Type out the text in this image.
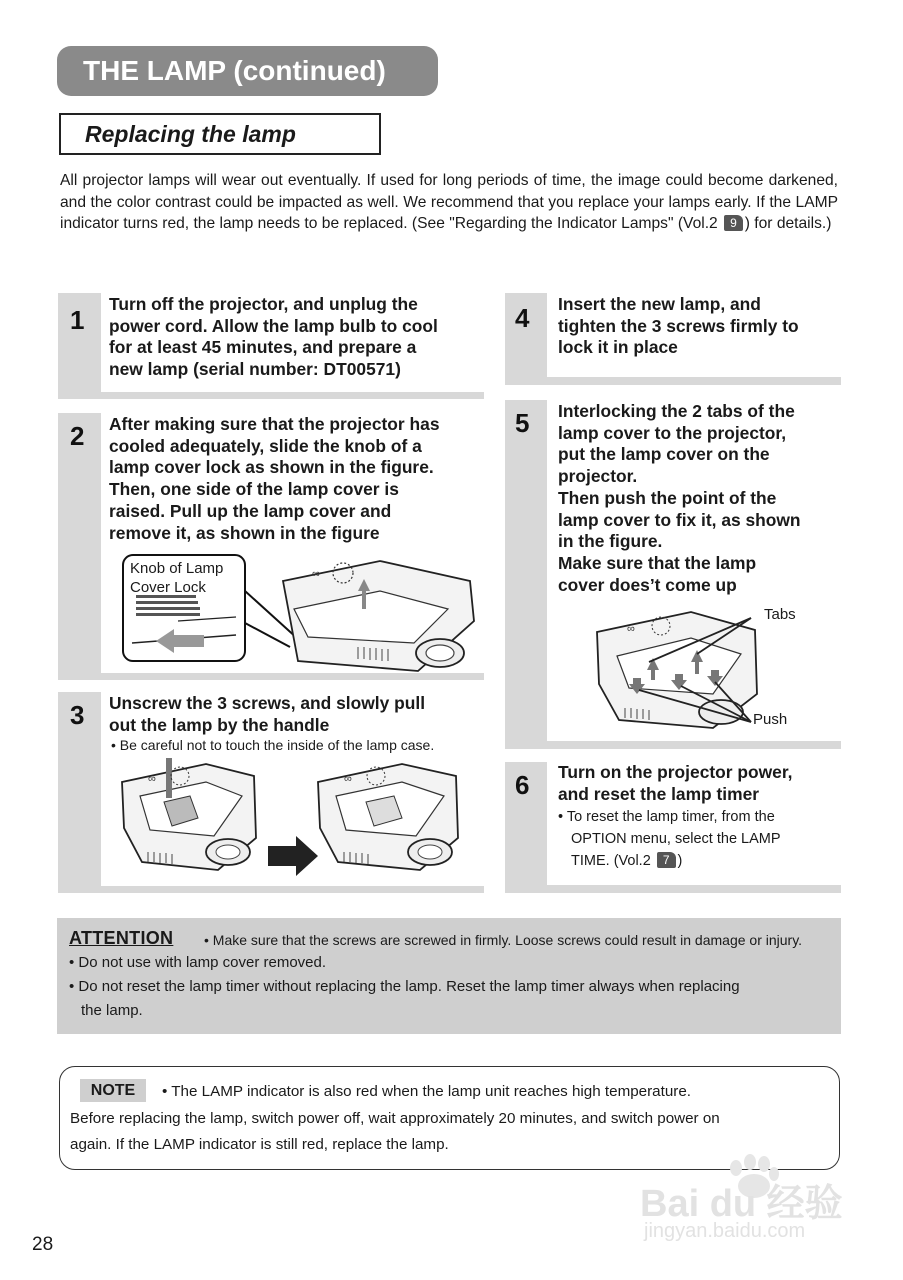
THE LAMP (continued)
Replacing the lamp
All projector lamps will wear out eventually. If used for long periods of time, the image could become darkened, and the color contrast could be impacted as well. We recommend that you replace your lamps early. If the LAMP indicator turns red, the lamp needs to be replaced. (See "Regarding the Indicator Lamps" (Vol.2 9 ) for details.)
1
Turn off the projector, and unplug the
power cord. Allow the lamp bulb to cool
for at least 45 minutes, and prepare a
new lamp (serial number: DT00571)
2 After making sure that the projector has
cooled adequately, slide the knob of a
lamp cover lock as shown in the figure.
Then, one side of the lamp cover is
raised. Pull up the lamp cover and
remove it, as shown in the figure
∞
Knob of Lamp
Cover Lock
3 Unscrew the 3 screws, and slowly pull
out the lamp by the handle
• Be careful not to touch the inside of the lamp case.
∞	∞
4 Insert the new lamp, and
tighten the 3 screws firmly to
lock it in place
5 Interlocking the 2 tabs of the
lamp cover to the projector,
put the lamp cover on the
projector.
Then push the point of the
lamp cover to fix it, as shown
in the figure.
Make sure that the lamp
cover does’t come up
∞
Tabs
Push
6 Turn on the projector power,
and reset the lamp timer
• To reset the lamp timer, from the
OPTION menu, select the LAMP
TIME. (Vol.2 7 )
ATTENTION • Make sure that the screws are screwed in firmly. Loose screws could result in damage or injury.
• Do not use with lamp cover removed.
• Do not reset the lamp timer without replacing the lamp. Reset the lamp timer always when replacing
the lamp.
NOTE	• The LAMP indicator is also red when the lamp unit reaches high temperature.
Before replacing the lamp, switch power off, wait approximately 20 minutes, and switch power on
again. If the LAMP indicator is still red, replace the lamp.
Bai du 经验
jingyan.baidu.com
28
